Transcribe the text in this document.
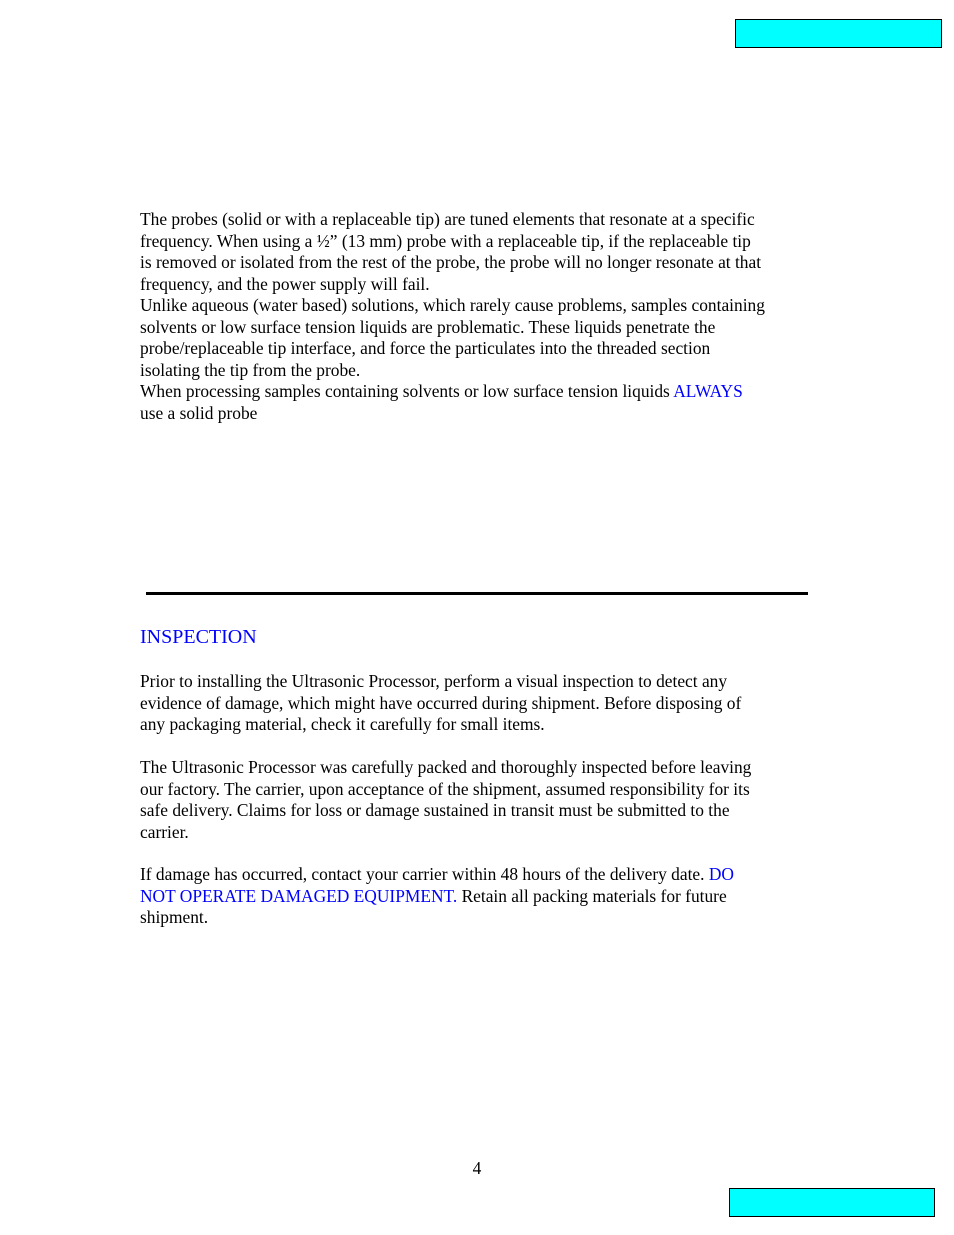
The probes (solid or with a replaceable tip) are tuned elements that resonate at a specific
frequency. When using a ½” (13 mm) probe with a replaceable tip, if the replaceable tip
is removed or isolated from the rest of the probe, the probe will no longer resonate at that
frequency, and the power supply will fail.

Unlike aqueous (water based) solutions, which rarely cause problems, samples containing
solvents or low surface tension liquids are problematic. These liquids penetrate the
probe/replaceable tip interface, and force the particulates into the threaded section
isolating the tip from the probe.

When processing samples containing solvents or low surface tension liquids ALWAYS
use a solid probe

INSPECTION

Prior to installing the Ultrasonic Processor, perform a visual inspection to detect any
evidence of damage, which might have occurred during shipment. Before disposing of
any packaging material, check it carefully for small items.

The Ultrasonic Processor was carefully packed and thoroughly inspected before leaving
our factory. The carrier, upon acceptance of the shipment, assumed responsibility for its
safe delivery. Claims for loss or damage sustained in transit must be submitted to the
carrier.

If damage has occurred, contact your carrier within 48 hours of the delivery date. DO
NOT OPERATE DAMAGED EQUIPMENT. Retain all packing materials for future
shipment.

4
